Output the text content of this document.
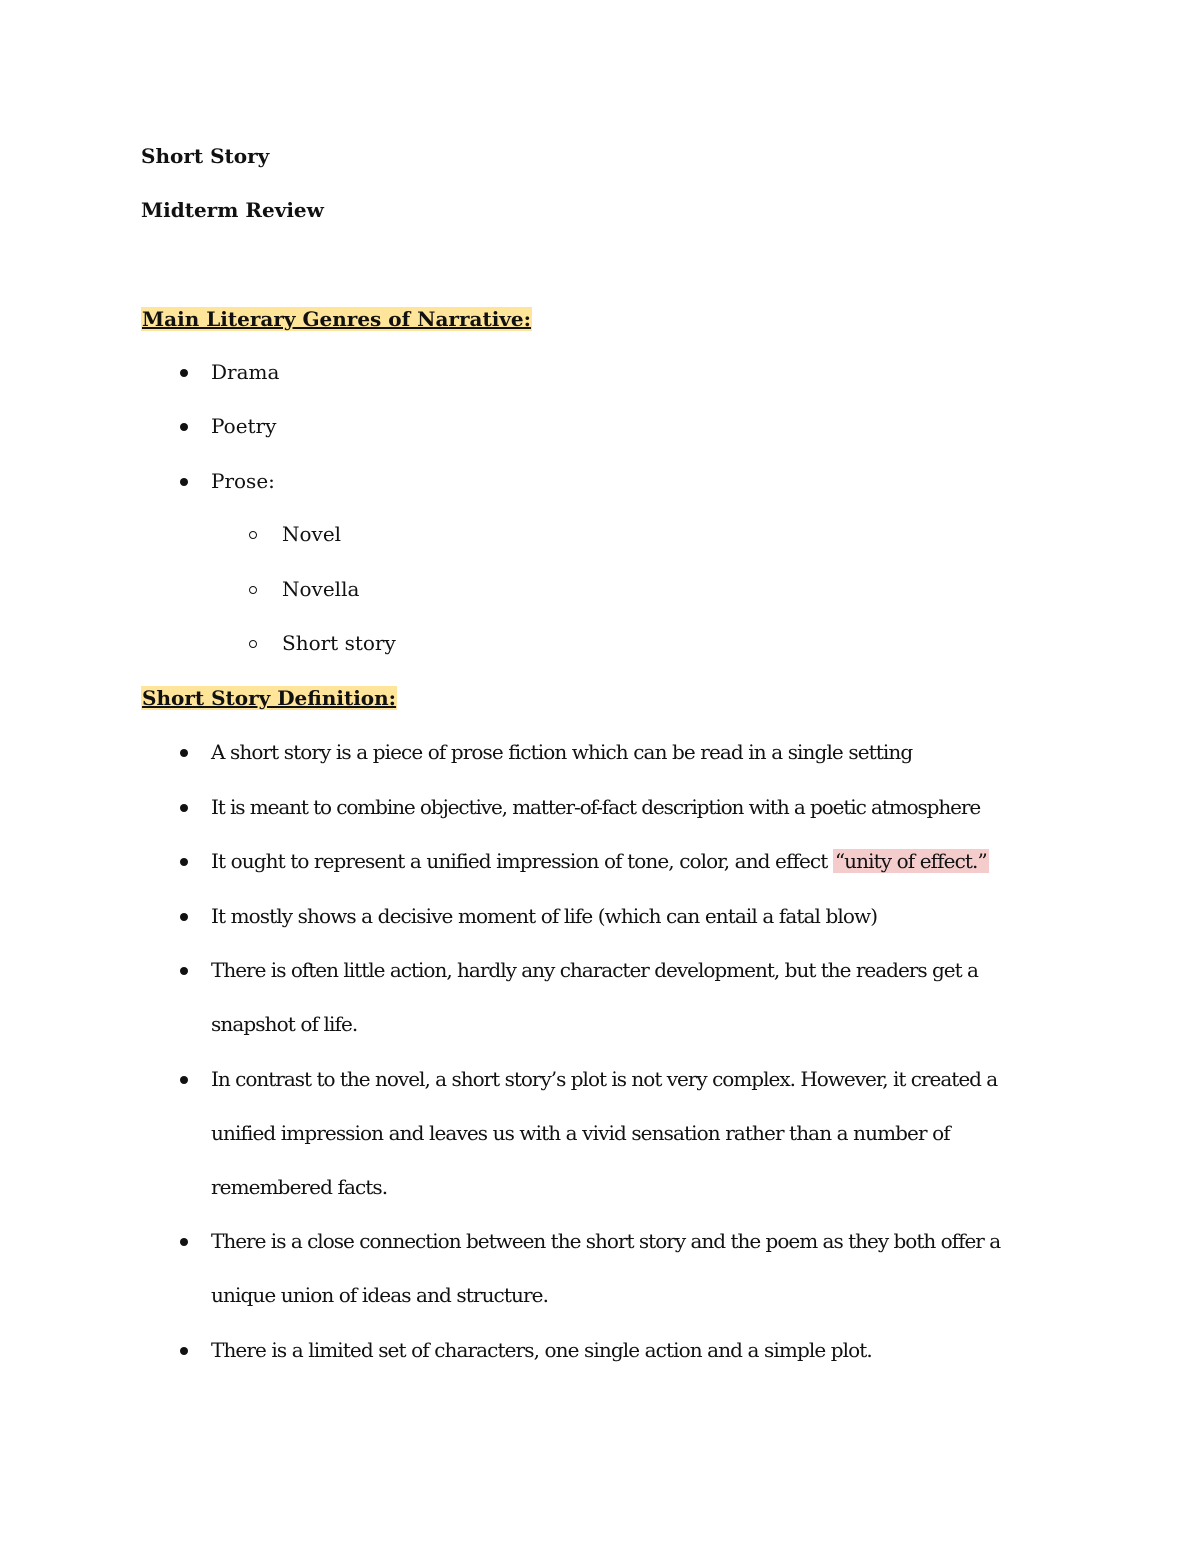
Short Story
Midterm Review
Main Literary Genres of Narrative:
Drama
Poetry
Prose:
Novel
Novella
Short story
Short Story Definition:
A short story is a piece of prose fiction which can be read in a single setting
It is meant to combine objective, matter-of-fact description with a poetic atmosphere
It ought to represent a unified impression of tone, color, and effect “unity of effect.”
It mostly shows a decisive moment of life (which can entail a fatal blow)
There is often little action, hardly any character development, but the readers get a
snapshot of life.
In contrast to the novel, a short story’s plot is not very complex. However, it created a
unified impression and leaves us with a vivid sensation rather than a number of
remembered facts.
There is a close connection between the short story and the poem as they both offer a
unique union of ideas and structure.
There is a limited set of characters, one single action and a simple plot.
